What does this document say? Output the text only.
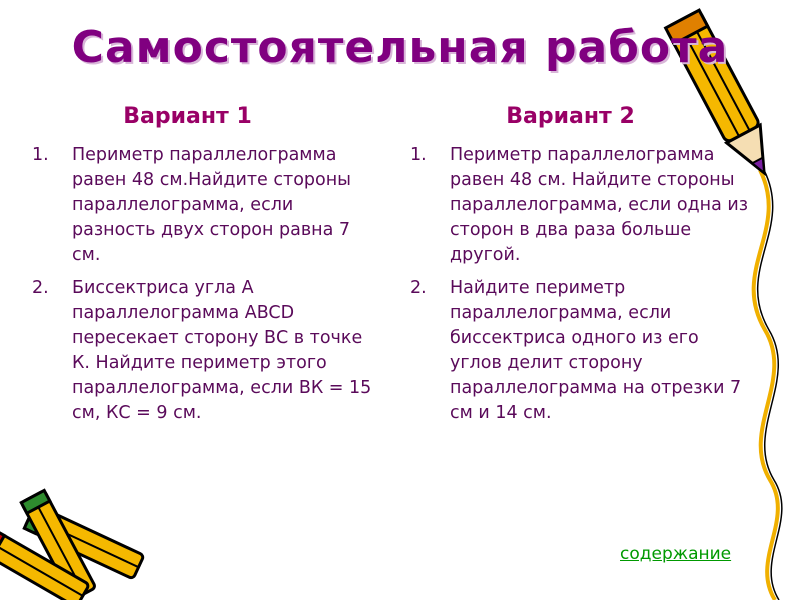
Самостоятельная работа
Вариант 1
1. Периметр параллелограмма равен 48 см.Найдите стороны параллелограмма, если разность двух сторон равна 7 см.
2. Биссектриса угла А параллелограмма ABCD пересекает сторону ВС в точке К. Найдите периметр этого параллелограмма, если ВК = 15 см, КС = 9 см.
Вариант 2
1. Периметр параллелограмма равен 48 см. Найдите стороны параллелограмма, если одна из сторон в два раза больше другой.
2. Найдите периметр параллелограмма, если биссектриса одного из его углов делит сторону параллелограмма на отрезки 7 см и 14 см.
содержание
